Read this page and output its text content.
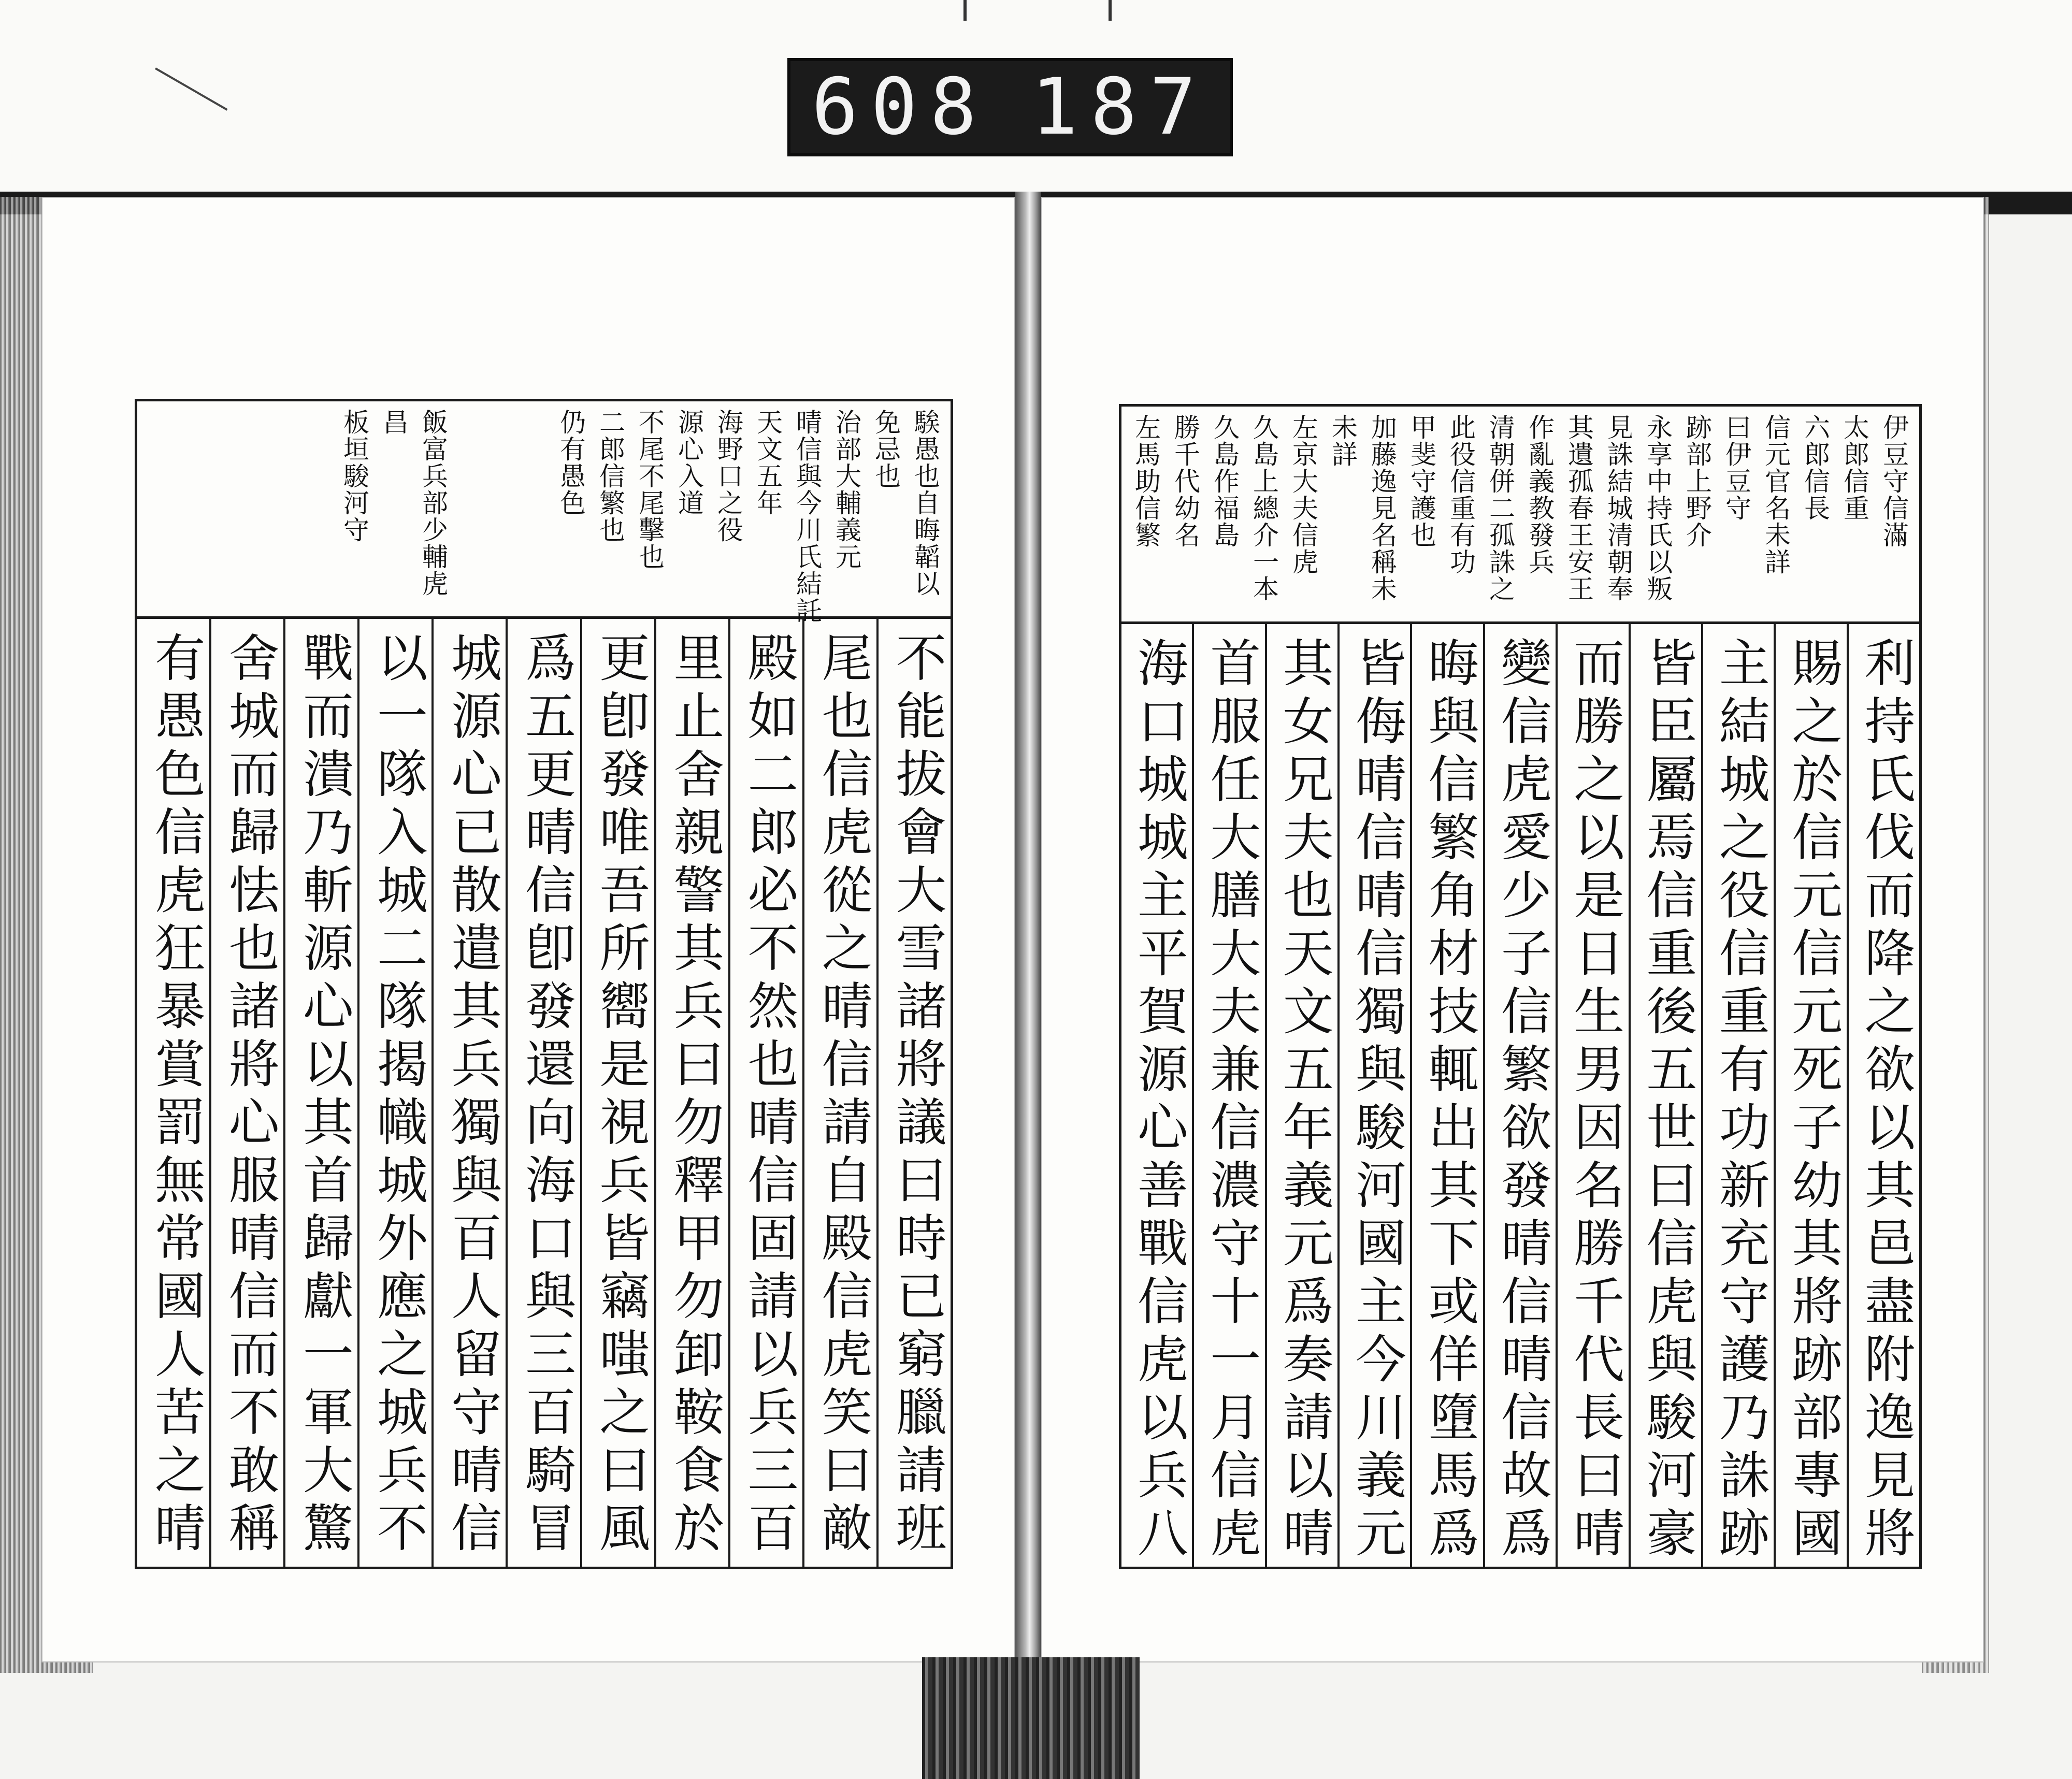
608 187
騃愚也自晦韜以
免忌也
治部大輔義元
晴信與今川氏結託
天文五年
海野口之役
源心入道
不尾不尾擊也
二郎信繁也
仍有愚色
飯富兵部少輔虎
昌
板垣駿河守
不能拔會大雪諸將議曰時已窮臘請班
尾也信虎從之晴信請自殿信虎笑曰敵
殿如二郎必不然也晴信固請以兵三百
里止舍親警其兵曰勿釋甲勿卸鞍食於
更卽發唯吾所嚮是視兵皆竊嗤之曰風
爲五更晴信卽發還向海口與三百騎冒
城源心已散遣其兵獨與百人留守晴信
以一隊入城二隊揭幟城外應之城兵不
戰而潰乃斬源心以其首歸獻一軍大驚
舍城而歸怯也諸將心服晴信而不敢稱
有愚色信虎狂暴賞罰無常國人苦之晴
伊豆守信滿
太郎信重
六郎信長
信元官名未詳
曰伊豆守
跡部上野介
永享中持氏以叛
見誅結城清朝奉
其遺孤春王安王
作亂義教發兵
清朝併二孤誅之
此役信重有功
甲斐守護也
加藤逸見名稱未
未詳
左京大夫信虎
久島上總介一本
久島作福島
勝千代幼名
左馬助信繁
利持氏伐而降之欲以其邑盡附逸見將
賜之於信元信元死子幼其將跡部專國
主結城之役信重有功新充守護乃誅跡
皆臣屬焉信重後五世曰信虎與駿河豪
而勝之以是日生男因名勝千代長曰晴
變信虎愛少子信繁欲發晴信晴信故爲
晦與信繁角材技輒出其下或佯墮馬爲
皆侮晴信晴信獨與駿河國主今川義元
其女兄夫也天文五年義元爲奏請以晴
首服任大膳大夫兼信濃守十一月信虎
海口城城主平賀源心善戰信虎以兵八
